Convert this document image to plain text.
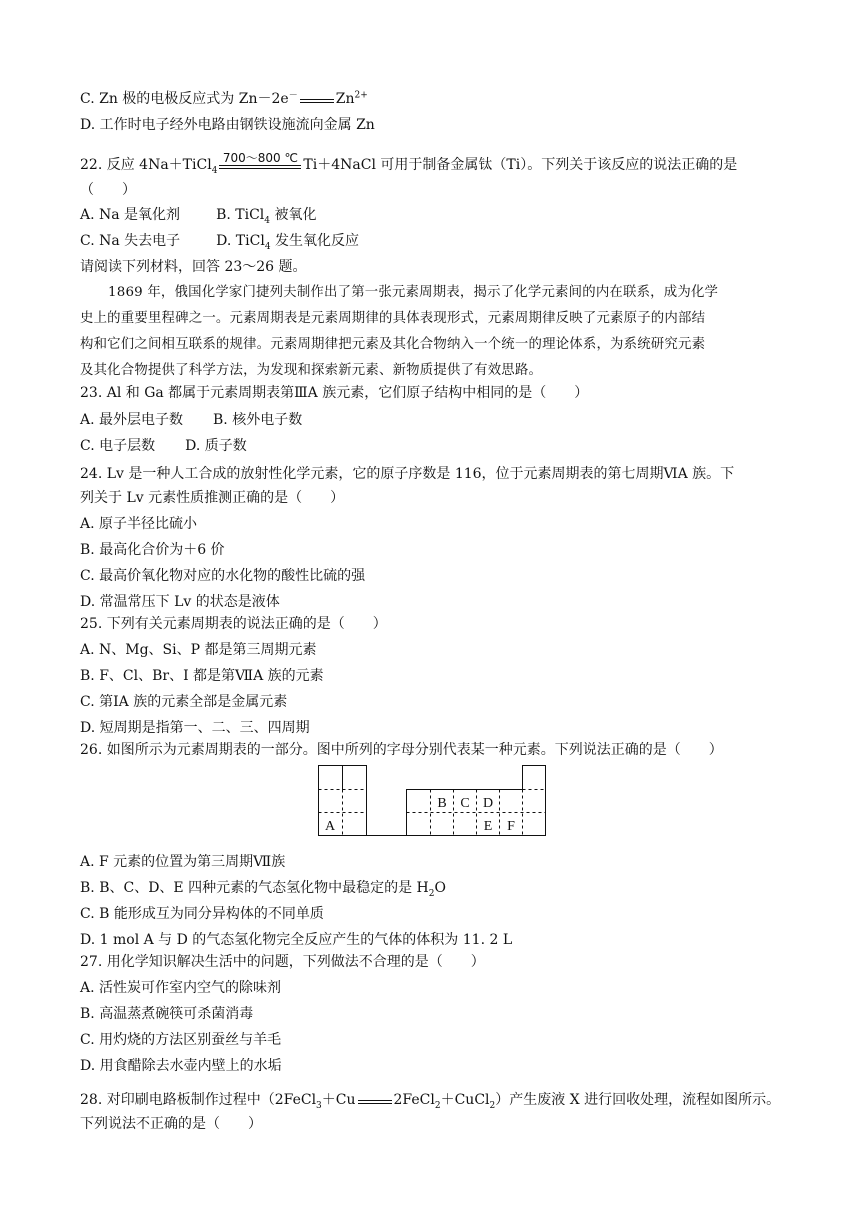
C. Zn 极的电极反应式为 Zn－2e－	$Zn^{2+}$
D. 工作时电子经外电路由钢铁设施流向金属 Zn
22. 反应 4Na＋TiCl$_4$
700～800 ℃ Ti＋4NaCl 可用于制备金属钛（Ti）。下列关于该反应的说法正确的是
（　　）
A. Na 是氧化剂	B. TiCl$_4$ 被氧化
C. Na 失去电子	D. TiCl$_4$ 发生氧化反应
请阅读下列材料，回答 23～26 题。
1869 年，俄国化学家门捷列夫制作出了第一张元素周期表，揭示了化学元素间的内在联系，成为化学
史上的重要里程碑之一。元素周期表是元素周期律的具体表现形式，元素周期律反映了元素原子的内部结
构和它们之间相互联系的规律。元素周期律把元素及其化合物纳入一个统一的理论体系，为系统研究元素
及其化合物提供了科学方法，为发现和探索新元素、新物质提供了有效思路。
23. Al 和 Ga 都属于元素周期表第ⅢA 族元素，它们原子结构中相同的是（　　）
A. 最外层电子数 B. 核外电子数
C. 电子层数 D. 质子数
24. Lv 是一种人工合成的放射性化学元素，它的原子序数是 116，位于元素周期表的第七周期ⅥA 族。下
列关于 Lv 元素性质推测正确的是（　　）
A. 原子半径比硫小
B. 最高化合价为＋6 价
C. 最高价氧化物对应的水化物的酸性比硫的强
D. 常温常压下 Lv 的状态是液体
25. 下列有关元素周期表的说法正确的是（　　）
A. N、Mg、Si、P 都是第三周期元素
B. F、Cl、Br、I 都是第ⅦA 族的元素
C. 第ⅠA 族的元素全部是金属元素
D. 短周期是指第一、二、三、四周期
26. 如图所示为元素周期表的一部分。图中所列的字母分别代表某一种元素。下列说法正确的是（　　）
A
B C D
E F
A. F 元素的位置为第三周期Ⅶ族
B. B、C、D、E 四种元素的气态氢化物中最稳定的是 $H_2O$
C. B 能形成互为同分异构体的不同单质
D. 1 mol A 与 D 的气态氢化物完全反应产生的气体的体积为 11. 2 L
27. 用化学知识解决生活中的问题，下列做法不合理的是（　　）
A. 活性炭可作室内空气的除味剂
B. 高温蒸煮碗筷可杀菌消毒
C. 用灼烧的方法区别蚕丝与羊毛
D. 用食醋除去水壶内壁上的水垢
28. 对印刷电路板制作过程中（2FeCl$_3$＋Cu	2FeCl$_2$＋CuCl$_2$）产生废液 X 进行回收处理，流程如图所示。
下列说法不正确的是（　　）
